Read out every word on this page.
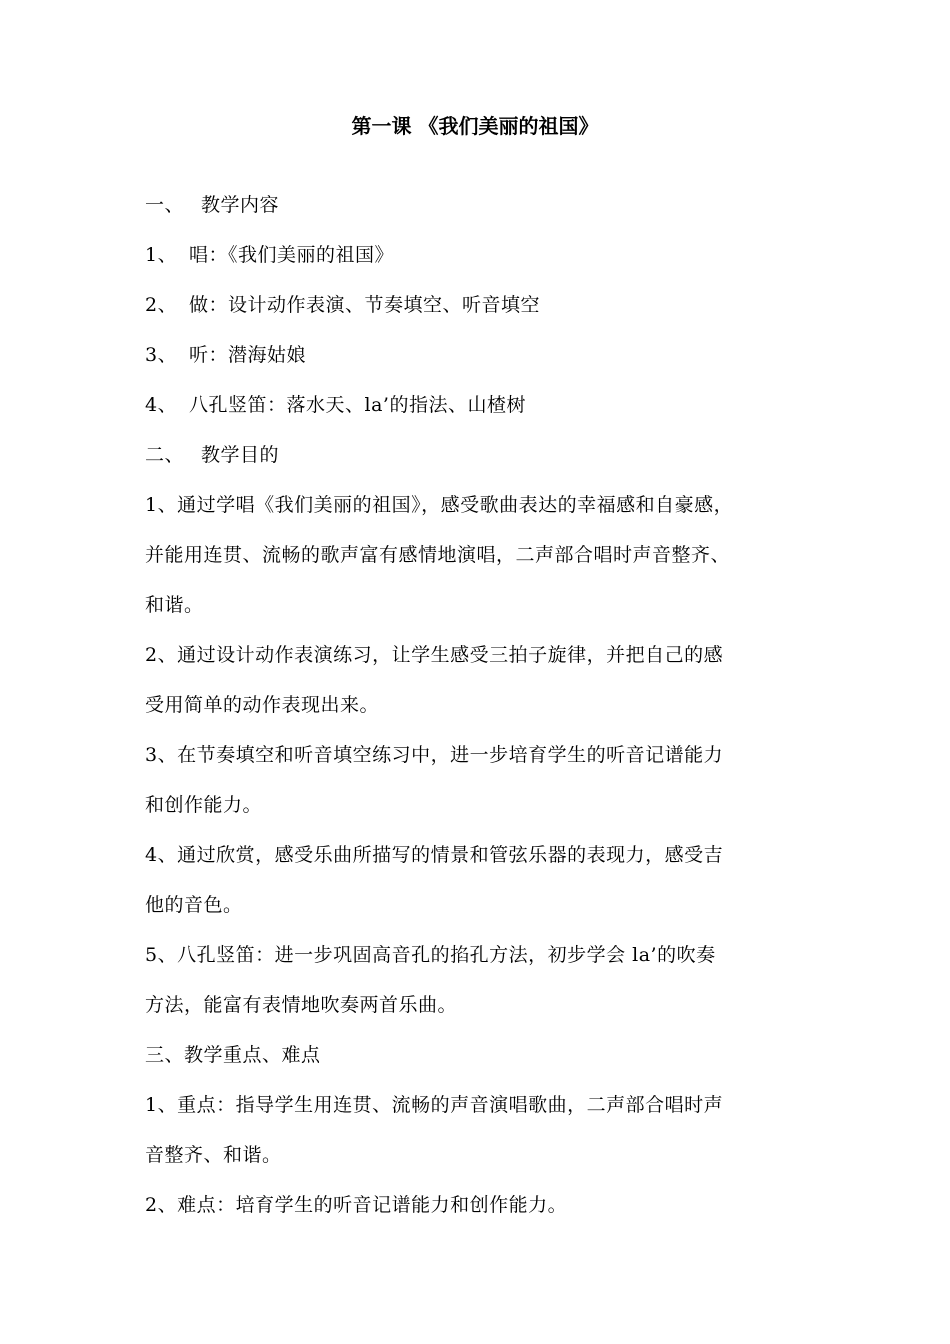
第一课 《我们美丽的祖国》
一、 教学内容
1、 唱：《我们美丽的祖国》
2、 做：设计动作表演、节奏填空、听音填空
3、 听：潜海姑娘
4、 八孔竖笛：落水天、la’的指法、山楂树
二、 教学目的
1、通过学唱《我们美丽的祖国》，感受歌曲表达的幸福感和自豪感，
并能用连贯、流畅的歌声富有感情地演唱，二声部合唱时声音整齐、
和谐。
2、通过设计动作表演练习，让学生感受三拍子旋律，并把自己的感
受用简单的动作表现出来。
3、在节奏填空和听音填空练习中，进一步培育学生的听音记谱能力
和创作能力。
4、通过欣赏，感受乐曲所描写的情景和管弦乐器的表现力，感受吉
他的音色。
5、八孔竖笛：进一步巩固高音孔的掐孔方法，初步学会 la’的吹奏
方法，能富有表情地吹奏两首乐曲。
三、教学重点、难点
1、重点：指导学生用连贯、流畅的声音演唱歌曲，二声部合唱时声
音整齐、和谐。
2、难点：培育学生的听音记谱能力和创作能力。
